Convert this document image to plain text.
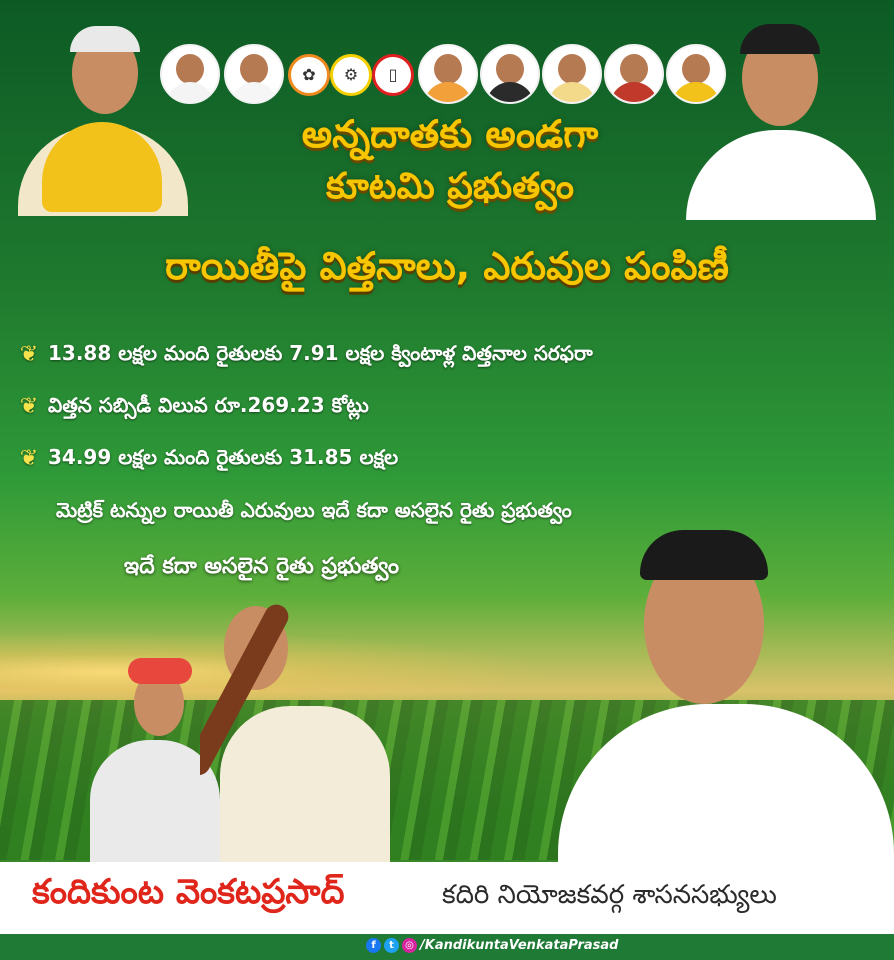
✿	⚙	▯
అన్నదాతకు అండగా
కూటమి ప్రభుత్వం
రాయితీపై విత్తనాలు, ఎరువుల పంపిణీ
❦ 13.88 లక్షల మంది రైతులకు 7.91 లక్షల క్వింటాళ్ల విత్తనాల సరఫరా
❦ విత్తన సబ్సిడీ విలువ రూ.269.23 కోట్లు
❦ 34.99 లక్షల మంది రైతులకు 31.85 లక్షల
మెట్రిక్ టన్నుల రాయితీ ఎరువులు ఇదే కదా అసలైన రైతు ప్రభుత్వం
ఇదే కదా అసలైన రైతు ప్రభుత్వం
కందికుంట వెంకటప్రసాద్	కదిరి నియోజకవర్గ శాసనసభ్యులు
f	t	◎ /KandikuntaVenkataPrasad
